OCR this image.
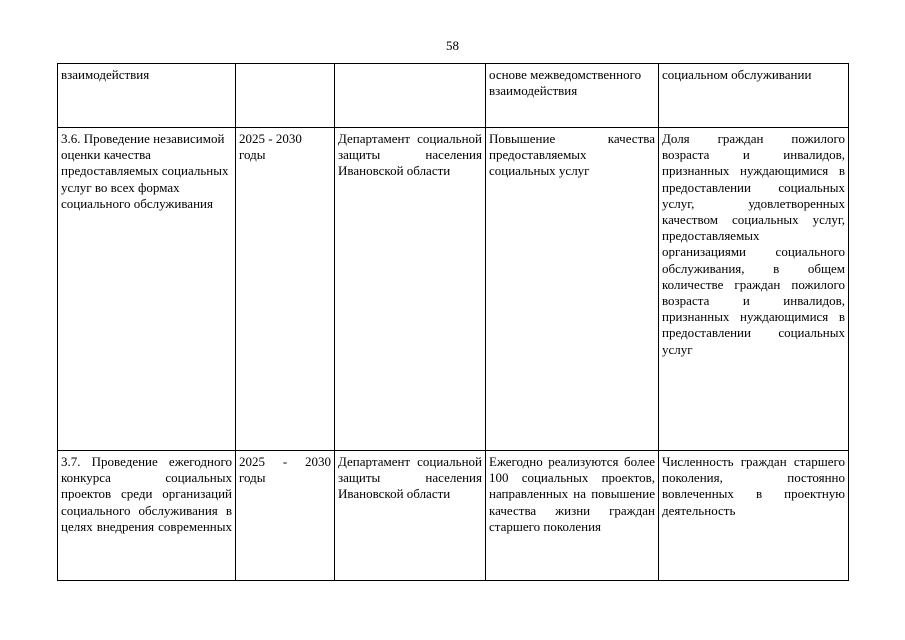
58
взаимодействия			основе межведомственного взаимодействия	социальном обслуживании
3.6. Проведение независимой оценки качества предоставляемых социальных услуг во всех формах социального обслуживания	2025 - 2030 годы	Департамент социальной защиты населения Ивановской области	Повышение качества предоставляемых социальных услуг	Доля граждан пожилого возраста и инвалидов, признанных нуждающимися в предоставлении социальных услуг, удовлетворенных качеством социальных услуг, предоставляемых организациями социального обслуживания, в общем количестве граждан пожилого возраста и инвалидов, признанных нуждающимися в предоставлении социальных услуг
3.7. Проведение ежегодного конкурса социальных проектов среди организаций социального обслуживания в целях внедрения современных	2025 - 2030 годы	Департамент социальной защиты населения Ивановской области	Ежегодно реализуются более 100 социальных проектов, направленных на повышение качества жизни граждан старшего поколения	Численность граждан старшего поколения, постоянно вовлеченных в проектную деятельность
